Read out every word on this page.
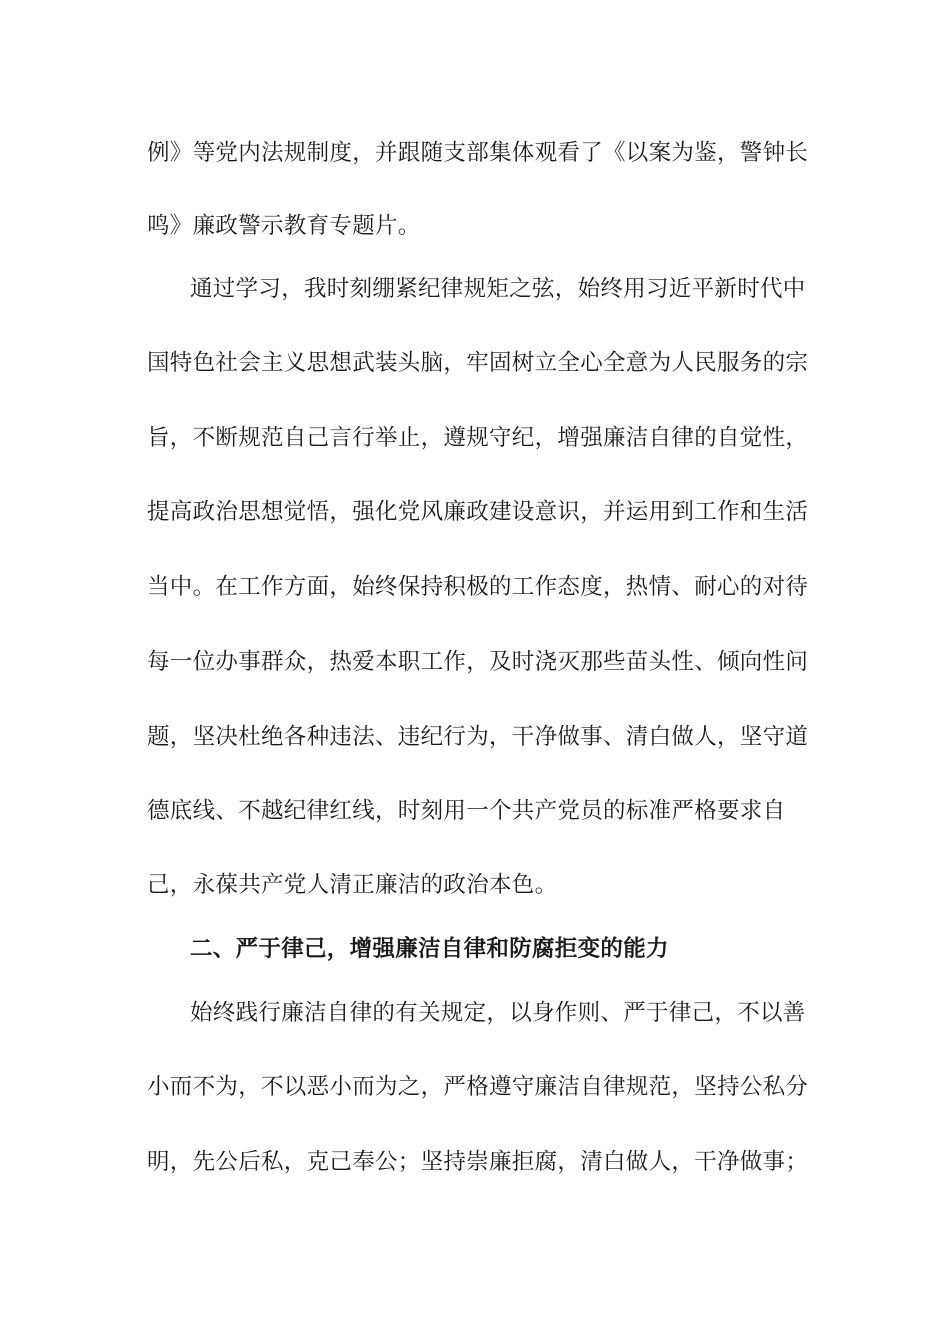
例》等党内法规制度，并跟随支部集体观看了《以案为鉴，警钟长
鸣》廉政警示教育专题片。
通过学习，我时刻绷紧纪律规矩之弦，始终用习近平新时代中
国特色社会主义思想武装头脑，牢固树立全心全意为人民服务的宗
旨，不断规范自己言行举止，遵规守纪，增强廉洁自律的自觉性，
提高政治思想觉悟，强化党风廉政建设意识，并运用到工作和生活
当中。在工作方面，始终保持积极的工作态度，热情、耐心的对待
每一位办事群众，热爱本职工作，及时浇灭那些苗头性、倾向性问
题，坚决杜绝各种违法、违纪行为，干净做事、清白做人，坚守道
德底线、不越纪律红线，时刻用一个共产党员的标准严格要求自
己，永葆共产党人清正廉洁的政治本色。
二、严于律己，增强廉洁自律和防腐拒变的能力
始终践行廉洁自律的有关规定，以身作则、严于律己，不以善
小而不为，不以恶小而为之，严格遵守廉洁自律规范，坚持公私分
明，先公后私，克己奉公；坚持崇廉拒腐，清白做人，干净做事；
